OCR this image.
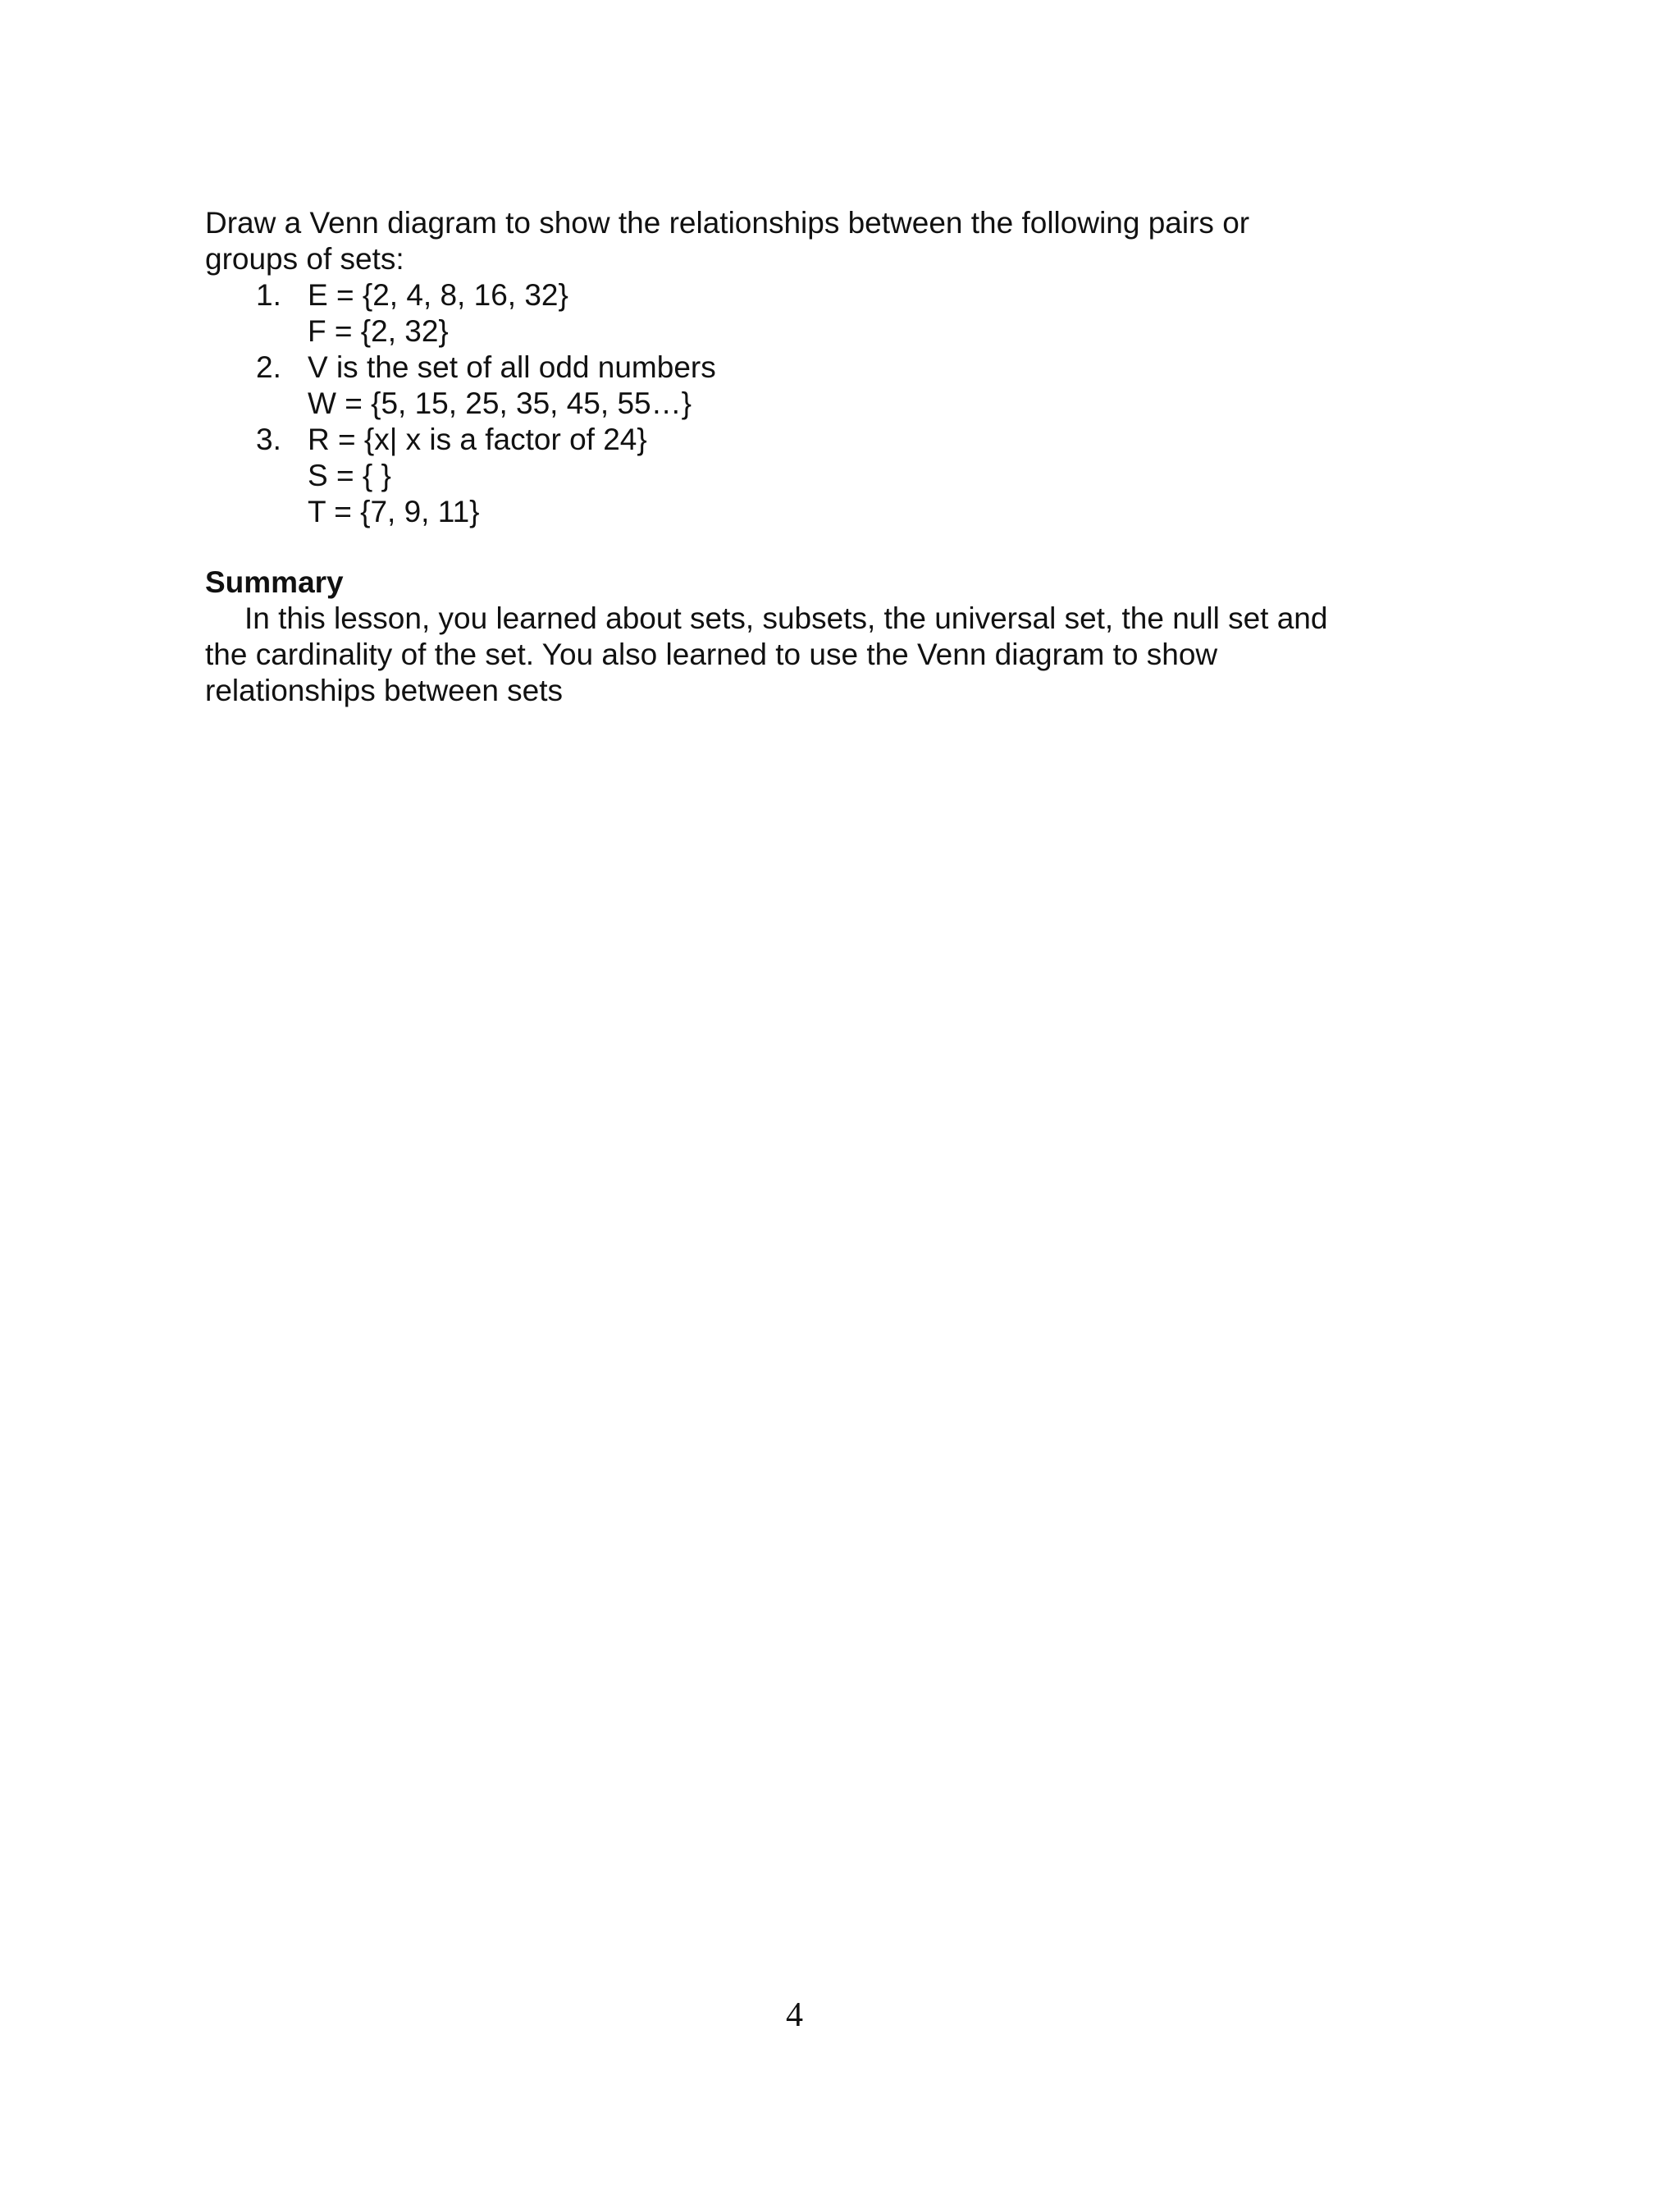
Draw a Venn diagram to show the relationships between the following pairs or
groups of sets:
1. E = {2, 4, 8, 16, 32}
F = {2, 32}
2. V is the set of all odd numbers
W = {5, 15, 25, 35, 45, 55…}
3. R = {x| x is a factor of 24}
S = { }
T = {7, 9, 11}
Summary
In this lesson, you learned about sets, subsets, the universal set, the null set and
the cardinality of the set. You also learned to use the Venn diagram to show
relationships between sets
4
